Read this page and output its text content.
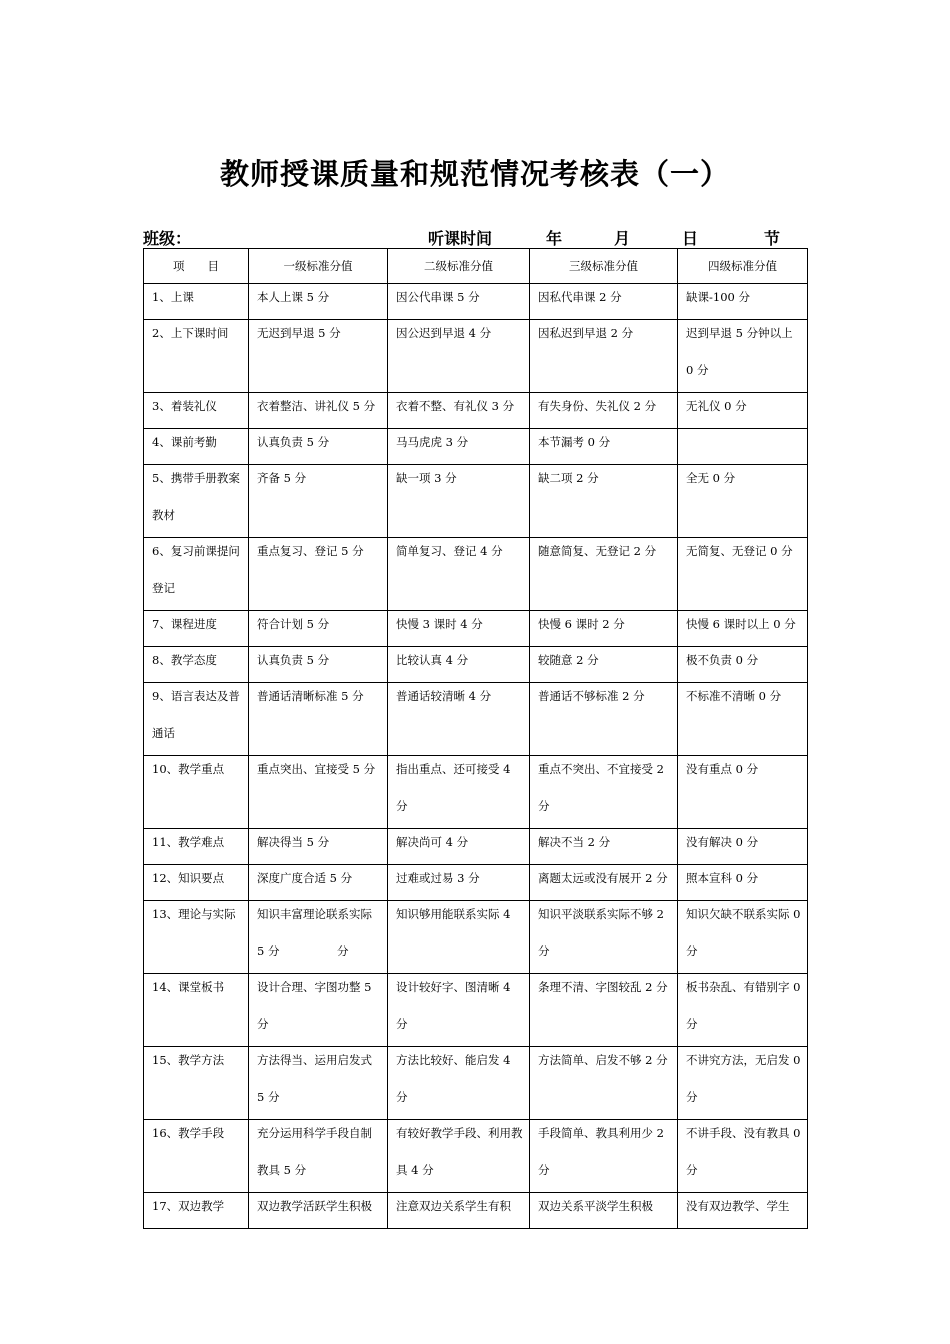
教师授课质量和规范情况考核表（一）
班级：	听课时间	年	月	日	节
项　　目	一级标准分值	二级标准分值	三级标准分值	四级标准分值

1、上课	本人上课 5 分	因公代串课 5 分	因私代串课 2 分	缺课-100 分

2、上下课时间	无迟到早退 5 分	因公迟到早退 4 分	因私迟到早退 2 分	迟到早退 5 分钟以上 0 分

3、着装礼仪	衣着整洁、讲礼仪 5 分	衣着不整、有礼仪 3 分	有失身份、失礼仪 2 分	无礼仪 0 分

4、课前考勤	认真负责 5 分	马马虎虎 3 分	本节漏考 0 分	

5、携带手册教案教材	齐备 5 分	缺一项 3 分	缺二项 2 分	全无 0 分

6、复习前课提问登记	重点复习、登记 5 分	简单复习、登记 4 分	随意简复、无登记 2 分	无简复、无登记 0 分

7、课程进度	符合计划 5 分	快慢 3 课时 4 分	快慢 6 课时 2 分	快慢 6 课时以上 0 分

8、教学态度	认真负责 5 分	比较认真 4 分	较随意 2 分	极不负责 0 分

9、语言表达及普通话	普通话清晰标准 5 分	普通话较清晰 4 分	普通话不够标准 2 分	不标准不清晰 0 分

10、教学重点	重点突出、宜接受 5 分	指出重点、还可接受 4 分	重点不突出、不宜接受 2 分	没有重点 0 分

11、教学难点	解决得当 5 分	解决尚可 4 分	解决不当 2 分	没有解决 0 分

12、知识要点	深度广度合适 5 分	过难或过易 3 分	离题太远或没有展开 2 分	照本宣科 0 分

13、理论与实际	知识丰富理论联系实际 5 分　　　　　分	知识够用能联系实际 4	知识平淡联系实际不够 2 分	知识欠缺不联系实际 0 分

14、课堂板书	设计合理、字图功整 5 分	设计较好字、图清晰 4 分	条理不清、字图较乱 2 分	板书杂乱、有错别字 0 分

15、教学方法	方法得当、运用启发式 5 分	方法比较好、能启发 4 分	方法简单、启发不够 2 分	不讲究方法，无启发 0 分

16、教学手段	充分运用科学手段自制教具 5 分	有较好教学手段、利用教具 4 分	手段简单、教具利用少 2 分	不讲手段、没有教具 0 分

17、双边教学	双边教学活跃学生积极	注意双边关系学生有积	双边关系平淡学生积极	没有双边教学、学生
